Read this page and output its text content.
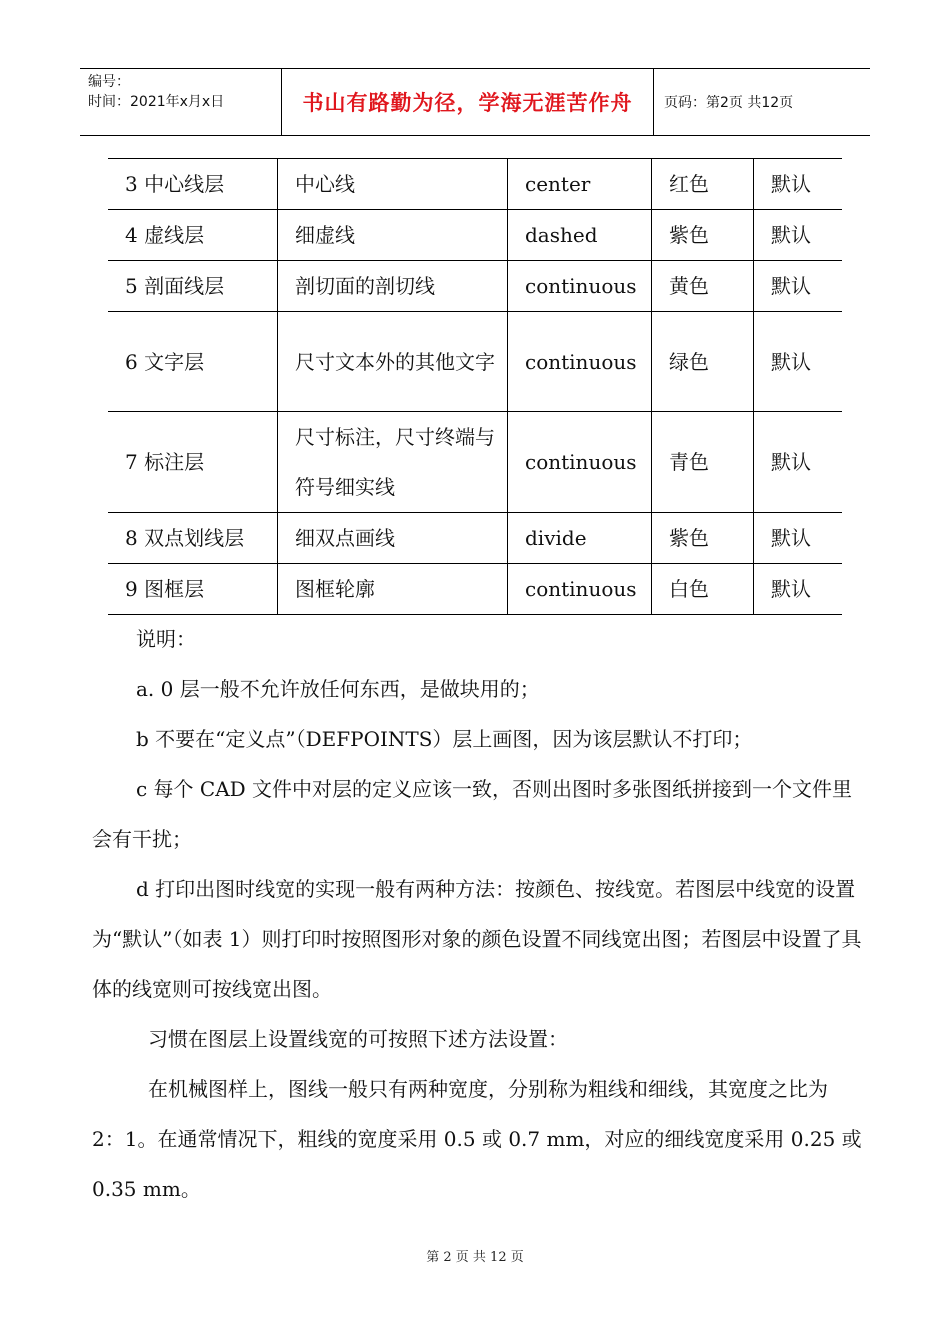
编号：
时间：2021年x月x日	书山有路勤为径，学海无涯苦作舟	页码：第2页 共12页
3 中心线层	中心线	center	红色	默认
4 虚线层	细虚线	dashed	紫色	默认
5 剖面线层	剖切面的剖切线	continuous	黄色	默认
6 文字层	尺寸文本外的其他文字	continuous	绿色	默认
7 标注层	尺寸标注，尺寸终端与符号细实线	continuous	青色	默认
8 双点划线层	细双点画线	divide	紫色	默认
9 图框层	图框轮廓	continuous	白色	默认

说明：

a. 0 层一般不允许放任何东西，是做块用的；

b 不要在“定义点”（DEFPOINTS）层上画图，因为该层默认不打印；

c 每个 CAD 文件中对层的定义应该一致，否则出图时多张图纸拼接到一个文件里会有干扰；

d 打印出图时线宽的实现一般有两种方法：按颜色、按线宽。若图层中线宽的设置为“默认”（如表 1）则打印时按照图形对象的颜色设置不同线宽出图；若图层中设置了具体的线宽则可按线宽出图。

习惯在图层上设置线宽的可按照下述方法设置：

在机械图样上，图线一般只有两种宽度，分别称为粗线和细线，其宽度之比为 2：1。在通常情况下，粗线的宽度采用 0.5 或 0.7 mm，对应的细线宽度采用 0.25 或 0.35 mm。

第 2 页 共 12 页
